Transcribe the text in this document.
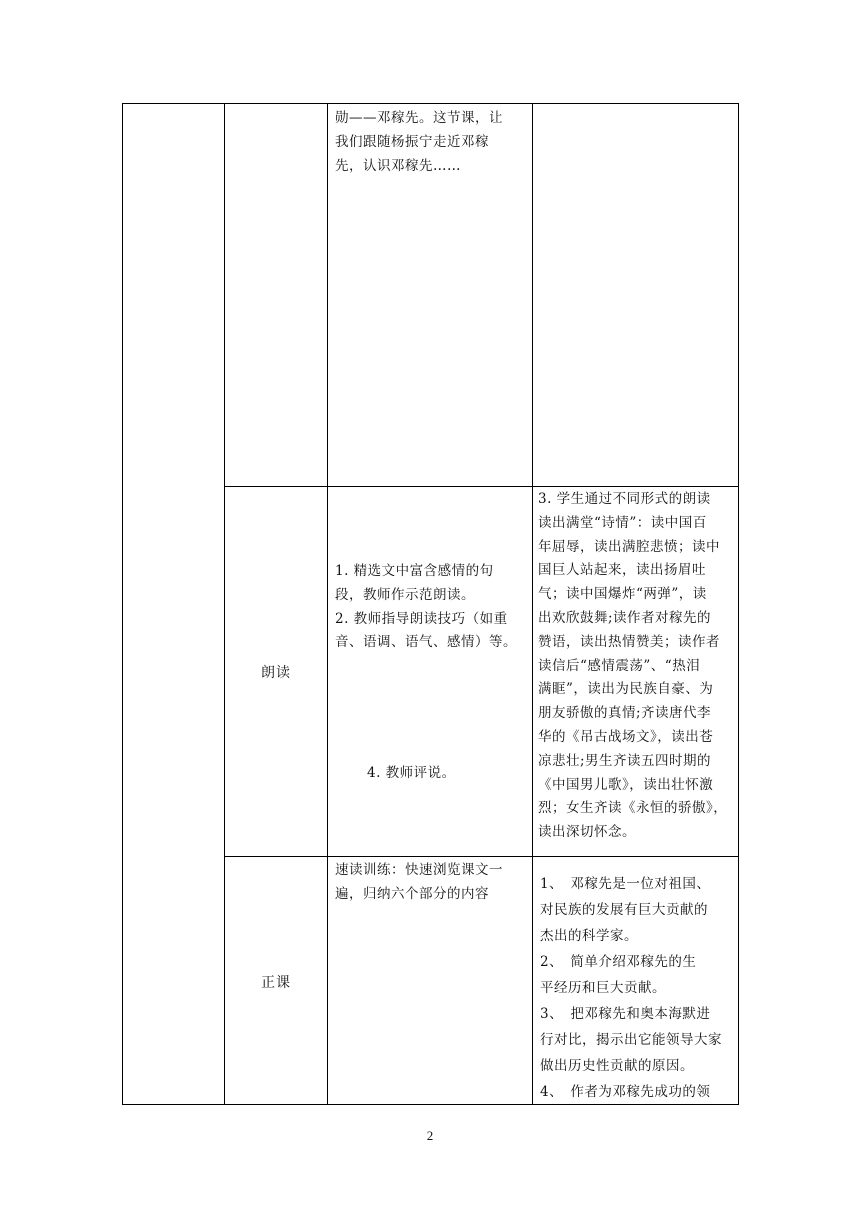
勋——邓稼先。这节课，让

我们跟随杨振宁走近邓稼

先，认识邓稼先……

朗读

1. 精选文中富含感情的句

段，教师作示范朗读。

2. 教师指导朗读技巧（如重

音、语调、语气、感情）等。

4. 教师评说。

3. 学生通过不同形式的朗读

读出满堂“诗情”：读中国百

年屈辱，读出满腔悲愤；读中

国巨人站起来，读出扬眉吐

气；读中国爆炸“两弹”，读

出欢欣鼓舞;读作者对稼先的

赞语，读出热情赞美；读作者

读信后“感情震荡”、“热泪

满眶”，读出为民族自豪、为

朋友骄傲的真情;齐读唐代李

华的《吊古战场文》，读出苍

凉悲壮;男生齐读五四时期的

《中国男儿歌》，读出壮怀激

烈；女生齐读《永恒的骄傲》，

读出深切怀念。

正课

速读训练：快速浏览课文一

遍，归纳六个部分的内容

1、　邓稼先是一位对祖国、

对民族的发展有巨大贡献的

杰出的科学家。

2、　简单介绍邓稼先的生

平经历和巨大贡献。

3、　把邓稼先和奥本海默进

行对比，揭示出它能领导大家

做出历史性贡献的原因。

4、　作者为邓稼先成功的领

2
